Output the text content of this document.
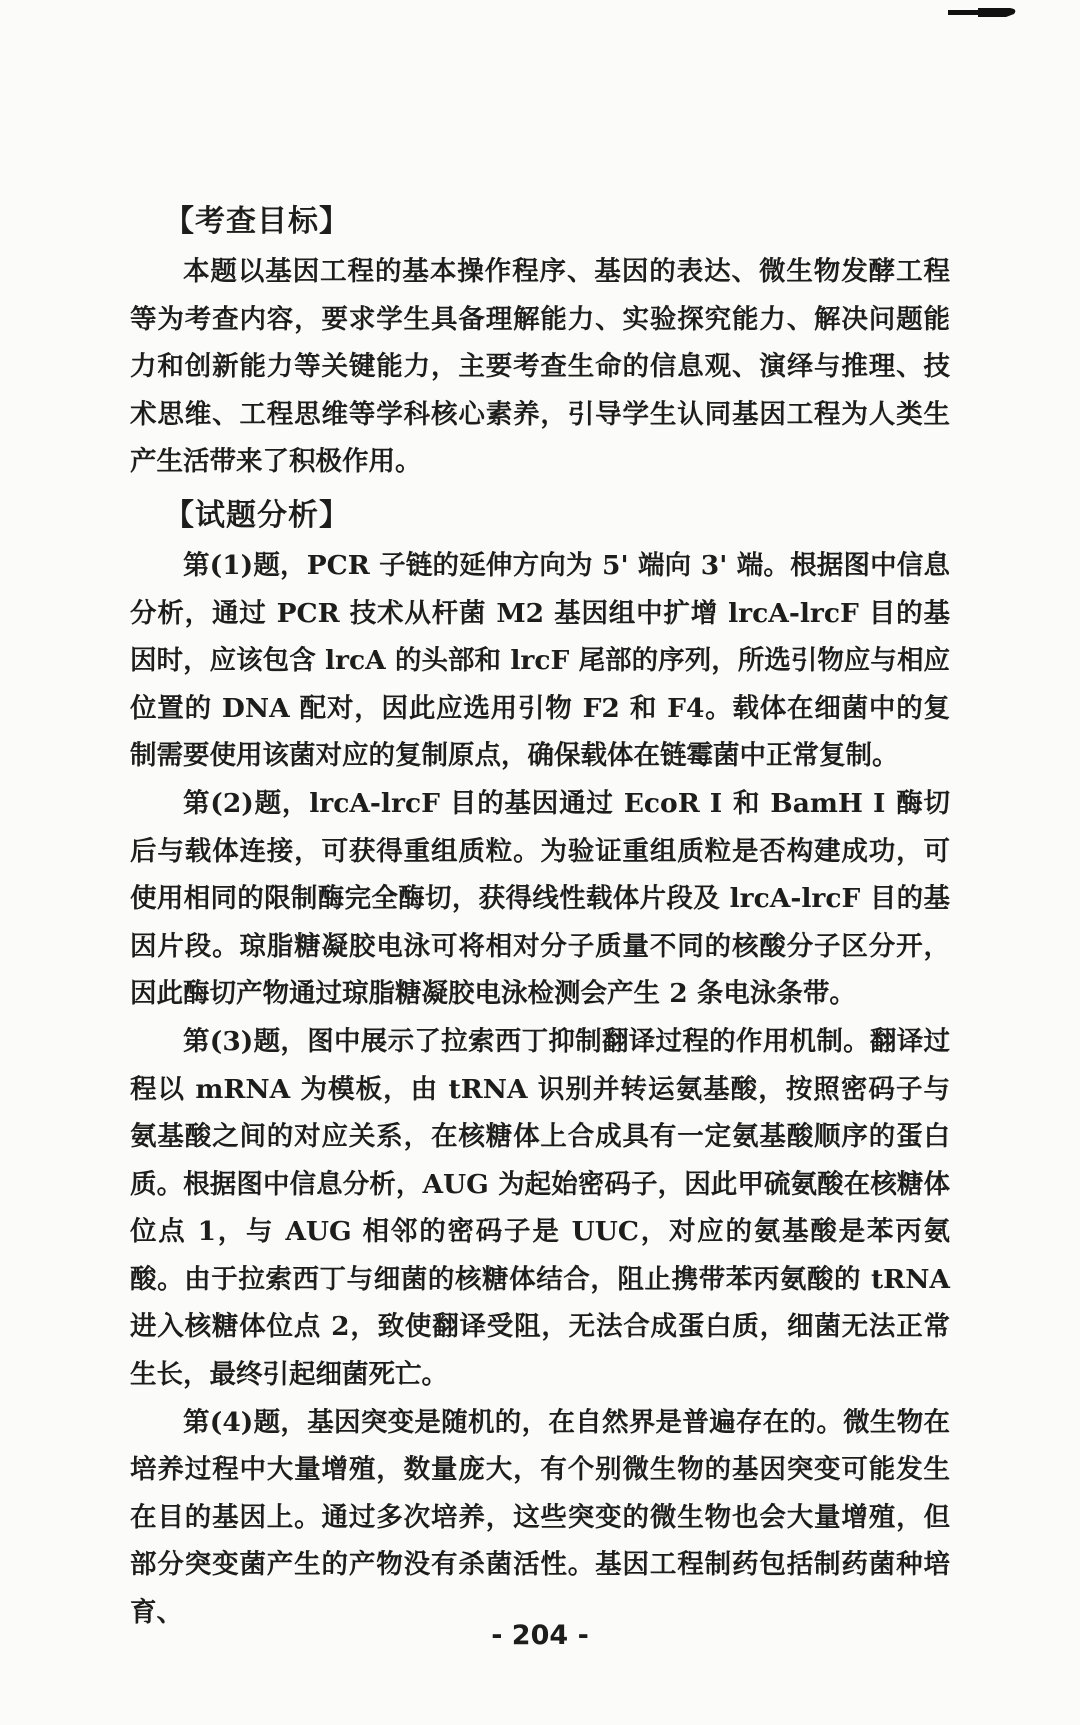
【考查目标】

本题以基因工程的基本操作程序、基因的表达、微生物发酵工程等为考查内容，要求学生具备理解能力、实验探究能力、解决问题能力和创新能力等关键能力，主要考查生命的信息观、演绎与推理、技术思维、工程思维等学科核心素养，引导学生认同基因工程为人类生产生活带来了积极作用。

【试题分析】

第(1)题，PCR 子链的延伸方向为 5' 端向 3' 端。根据图中信息分析，通过 PCR 技术从杆菌 M2 基因组中扩增 lrcA-lrcF 目的基因时，应该包含 lrcA 的头部和 lrcF 尾部的序列，所选引物应与相应位置的 DNA 配对，因此应选用引物 F2 和 F4。载体在细菌中的复制需要使用该菌对应的复制原点，确保载体在链霉菌中正常复制。

第(2)题，lrcA-lrcF 目的基因通过 EcoR Ⅰ 和 BamH Ⅰ 酶切后与载体连接，可获得重组质粒。为验证重组质粒是否构建成功，可使用相同的限制酶完全酶切，获得线性载体片段及 lrcA-lrcF 目的基因片段。琼脂糖凝胶电泳可将相对分子质量不同的核酸分子区分开，因此酶切产物通过琼脂糖凝胶电泳检测会产生 2 条电泳条带。

第(3)题，图中展示了拉索西丁抑制翻译过程的作用机制。翻译过程以 mRNA 为模板，由 tRNA 识别并转运氨基酸，按照密码子与氨基酸之间的对应关系，在核糖体上合成具有一定氨基酸顺序的蛋白质。根据图中信息分析，AUG 为起始密码子，因此甲硫氨酸在核糖体位点 1，与 AUG 相邻的密码子是 UUC，对应的氨基酸是苯丙氨酸。由于拉索西丁与细菌的核糖体结合，阻止携带苯丙氨酸的 tRNA 进入核糖体位点 2，致使翻译受阻，无法合成蛋白质，细菌无法正常生长，最终引起细菌死亡。

第(4)题，基因突变是随机的，在自然界是普遍存在的。微生物在培养过程中大量增殖，数量庞大，有个别微生物的基因突变可能发生在目的基因上。通过多次培养，这些突变的微生物也会大量增殖，但部分突变菌产生的产物没有杀菌活性。基因工程制药包括制药菌种培育、

- 204 -
